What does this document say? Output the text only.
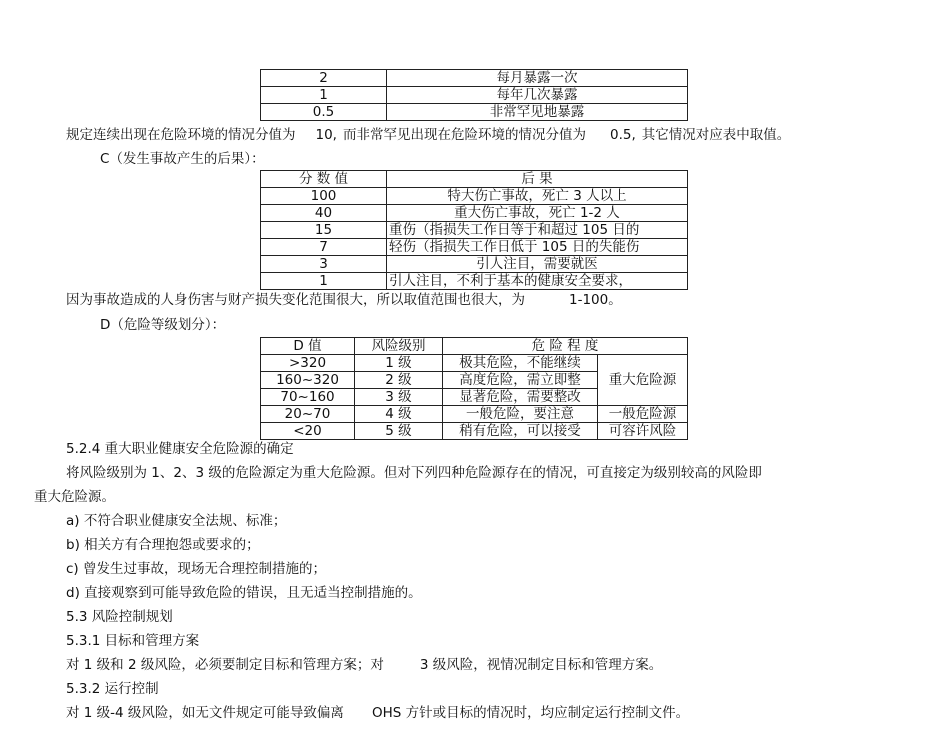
2	每月暴露一次
1	每年几次暴露
0.5	非常罕见地暴露
规定连续出现在危险环境的情况分值为 10, 而非常罕见出现在危险环境的情况分值为 0.5, 其它情况对应表中取值。
C（发生事故产生的后果）：
分 数 值	后 果
100	特大伤亡事故，死亡 3 人以上
40	重大伤亡事故，死亡 1-2 人
15	重伤（指损失工作日等于和超过 105 日的
7	轻伤（指损失工作日低于 105 日的失能伤
3	引人注目，需要就医
1	引人注目，不利于基本的健康安全要求，
因为事故造成的人身伤害与财产损失变化范围很大，所以取值范围也很大，为	1-100。
D（危险等级划分）：
D 值	风险级别	危 险 程 度	
>320	1 级	极其危险，不能继续	重大危险源
160~320	2 级	高度危险，需立即整	
70~160	3 级	显著危险，需要整改	
20~70	4 级	一般危险，要注意	一般危险源
<20	5 级	稍有危险，可以接受	可容许风险
5.2.4 重大职业健康安全危险源的确定
将风险级别为 1、2、3 级的危险源定为重大危险源。但对下列四种危险源存在的情况，可直接定为级别较高的风险即
重大危险源。
a) 不符合职业健康安全法规、标准；
b) 相关方有合理抱怨或要求的；
c) 曾发生过事故，现场无合理控制措施的；
d) 直接观察到可能导致危险的错误，且无适当控制措施的。
5.3 风险控制规划
5.3.1 目标和管理方案
对 1 级和 2 级风险，必须要制定目标和管理方案；对	3 级风险，视情况制定目标和管理方案。
5.3.2 运行控制
对 1 级-4 级风险，如无文件规定可能导致偏离 OHS 方针或目标的情况时，均应制定运行控制文件。
